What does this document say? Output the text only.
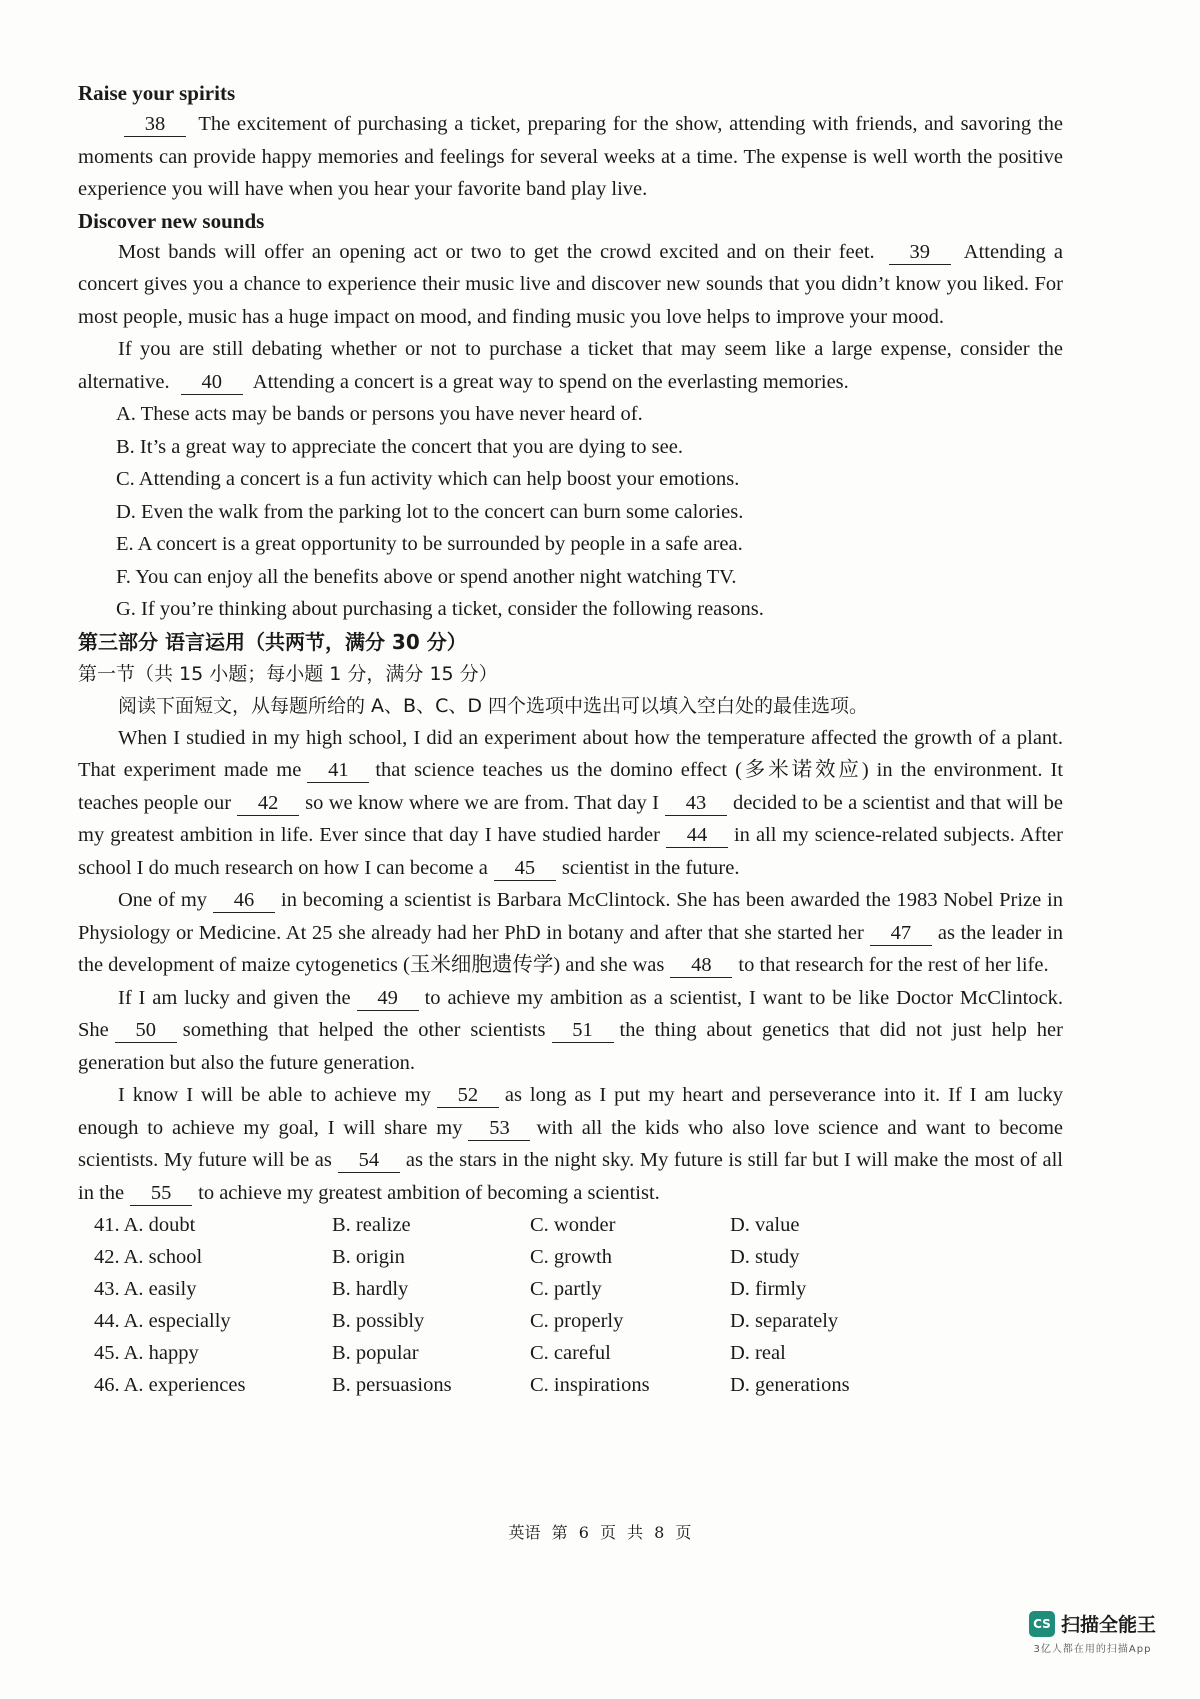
Raise your spirits

38 The excitement of purchasing a ticket, preparing for the show, attending with friends, and savoring the moments can provide happy memories and feelings for several weeks at a time. The expense is well worth the positive experience you will have when you hear your favorite band play live.

Discover new sounds

Most bands will offer an opening act or two to get the crowd excited and on their feet. 39 Attending a concert gives you a chance to experience their music live and discover new sounds that you didn’t know you liked. For most people, music has a huge impact on mood, and finding music you love helps to improve your mood.

If you are still debating whether or not to purchase a ticket that may seem like a large expense, consider the alternative. 40 Attending a concert is a great way to spend on the everlasting memories.

A. These acts may be bands or persons you have never heard of.
B. It’s a great way to appreciate the concert that you are dying to see.
C. Attending a concert is a fun activity which can help boost your emotions.
D. Even the walk from the parking lot to the concert can burn some calories.
E. A concert is a great opportunity to be surrounded by people in a safe area.
F. You can enjoy all the benefits above or spend another night watching TV.
G. If you’re thinking about purchasing a ticket, consider the following reasons.
第三部分 语言运用（共两节，满分 30 分）
第一节（共 15 小题；每小题 1 分，满分 15 分）
阅读下面短文，从每题所给的 A、B、C、D 四个选项中选出可以填入空白处的最佳选项。

When I studied in my high school, I did an experiment about how the temperature affected the growth of a plant. That experiment made me 41 that science teaches us the domino effect (多米诺效应) in the environment. It teaches people our 42 so we know where we are from. That day I 43 decided to be a scientist and that will be my greatest ambition in life. Ever since that day I have studied harder 44 in all my science-related subjects. After school I do much research on how I can become a 45 scientist in the future.

One of my 46 in becoming a scientist is Barbara McClintock. She has been awarded the 1983 Nobel Prize in Physiology or Medicine. At 25 she already had her PhD in botany and after that she started her 47 as the leader in the development of maize cytogenetics (玉米细胞遗传学) and she was 48 to that research for the rest of her life.

If I am lucky and given the 49 to achieve my ambition as a scientist, I want to be like Doctor McClintock. She 50 something that helped the other scientists 51 the thing about genetics that did not just help her generation but also the future generation.

I know I will be able to achieve my 52 as long as I put my heart and perseverance into it. If I am lucky enough to achieve my goal, I will share my 53 with all the kids who also love science and want to become scientists. My future will be as 54 as the stars in the night sky. My future is still far but I will make the most of all in the 55 to achieve my greatest ambition of becoming a scientist.

41. A. doubt	B. realize	C. wonder	D. value
42. A. school	B. origin	C. growth	D. study
43. A. easily	B. hardly	C. partly	D. firmly
44. A. especially	B. possibly	C. properly	D. separately
45. A. happy	B. popular	C. careful	D. real
46. A. experiences	B. persuasions	C. inspirations	D. generations
英语 第 6 页 共 8 页
CS 扫描全能王
3亿人都在用的扫描App
